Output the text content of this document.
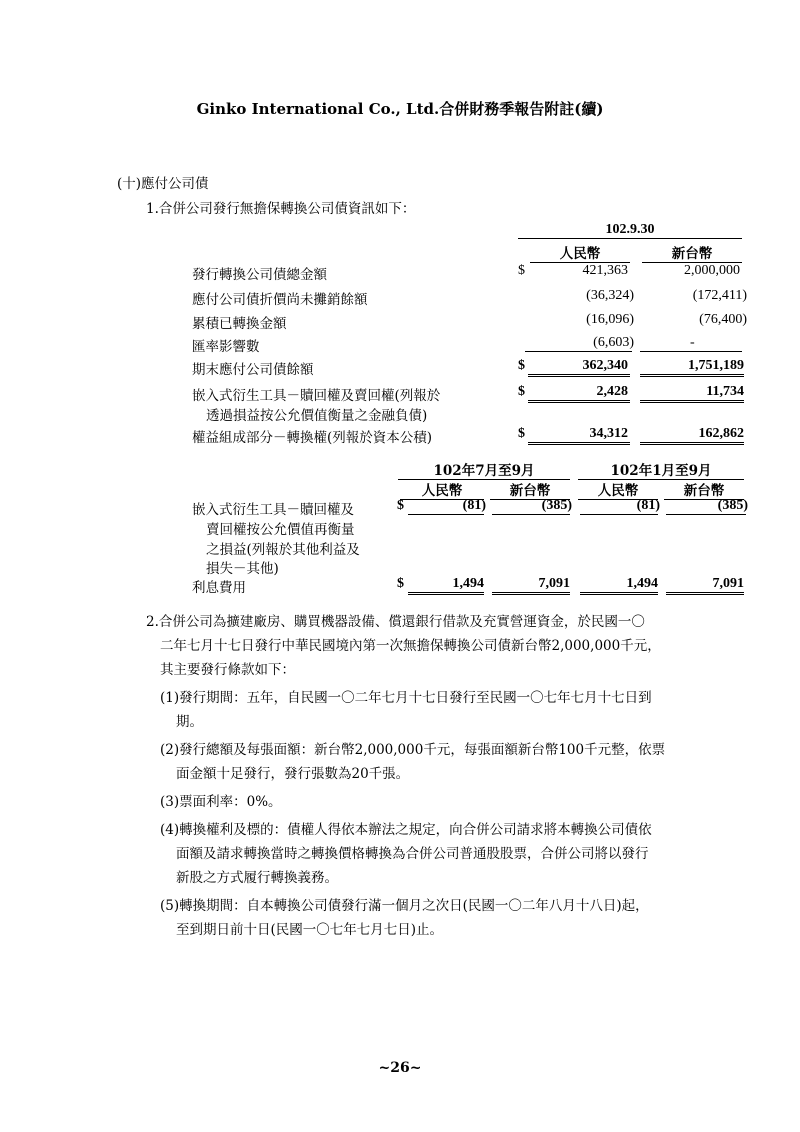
Ginko International Co., Ltd.合併財務季報告附註(續)
(十)應付公司債
1.合併公司發行無擔保轉換公司債資訊如下：
102.9.30
人民幣	新台幣
發行轉換公司債總金額	$	421,363	2,000,000
應付公司債折價尚未攤銷餘額	(36,324)	(172,411)
累積已轉換金額	(16,096)	(76,400)
匯率影響數	(6,603)	-
期末應付公司債餘額	$	362,340	1,751,189
嵌入式衍生工具－贖回權及賣回權(列報於
透過損益按公允價值衡量之金融負債)
$	2,428	11,734
權益組成部分－轉換權(列報於資本公積)	$	34,312	162,862
102年7月至9月	102年1月至9月
人民幣	新台幣	人民幣	新台幣
嵌入式衍生工具－贖回權及
賣回權按公允價值再衡量
之損益(列報於其他利益及
損失－其他)
$	(81)	(385)	(81)	(385)
利息費用	$	1,494	7,091	1,494	7,091
2.合併公司為擴建廠房、購買機器設備、償還銀行借款及充實營運資金，於民國一〇
二年七月十七日發行中華民國境內第一次無擔保轉換公司債新台幣2,000,000千元，
其主要發行條款如下：
(1)發行期間：五年，自民國一〇二年七月十七日發行至民國一〇七年七月十七日到
期。
(2)發行總額及每張面額：新台幣2,000,000千元，每張面額新台幣100千元整，依票
面金額十足發行，發行張數為20千張。
(3)票面利率：0%。
(4)轉換權利及標的：債權人得依本辦法之規定，向合併公司請求將本轉換公司債依
面額及請求轉換當時之轉換價格轉換為合併公司普通股股票，合併公司將以發行
新股之方式履行轉換義務。
(5)轉換期間：自本轉換公司債發行滿一個月之次日(民國一〇二年八月十八日)起，
至到期日前十日(民國一〇七年七月七日)止。
~26~
